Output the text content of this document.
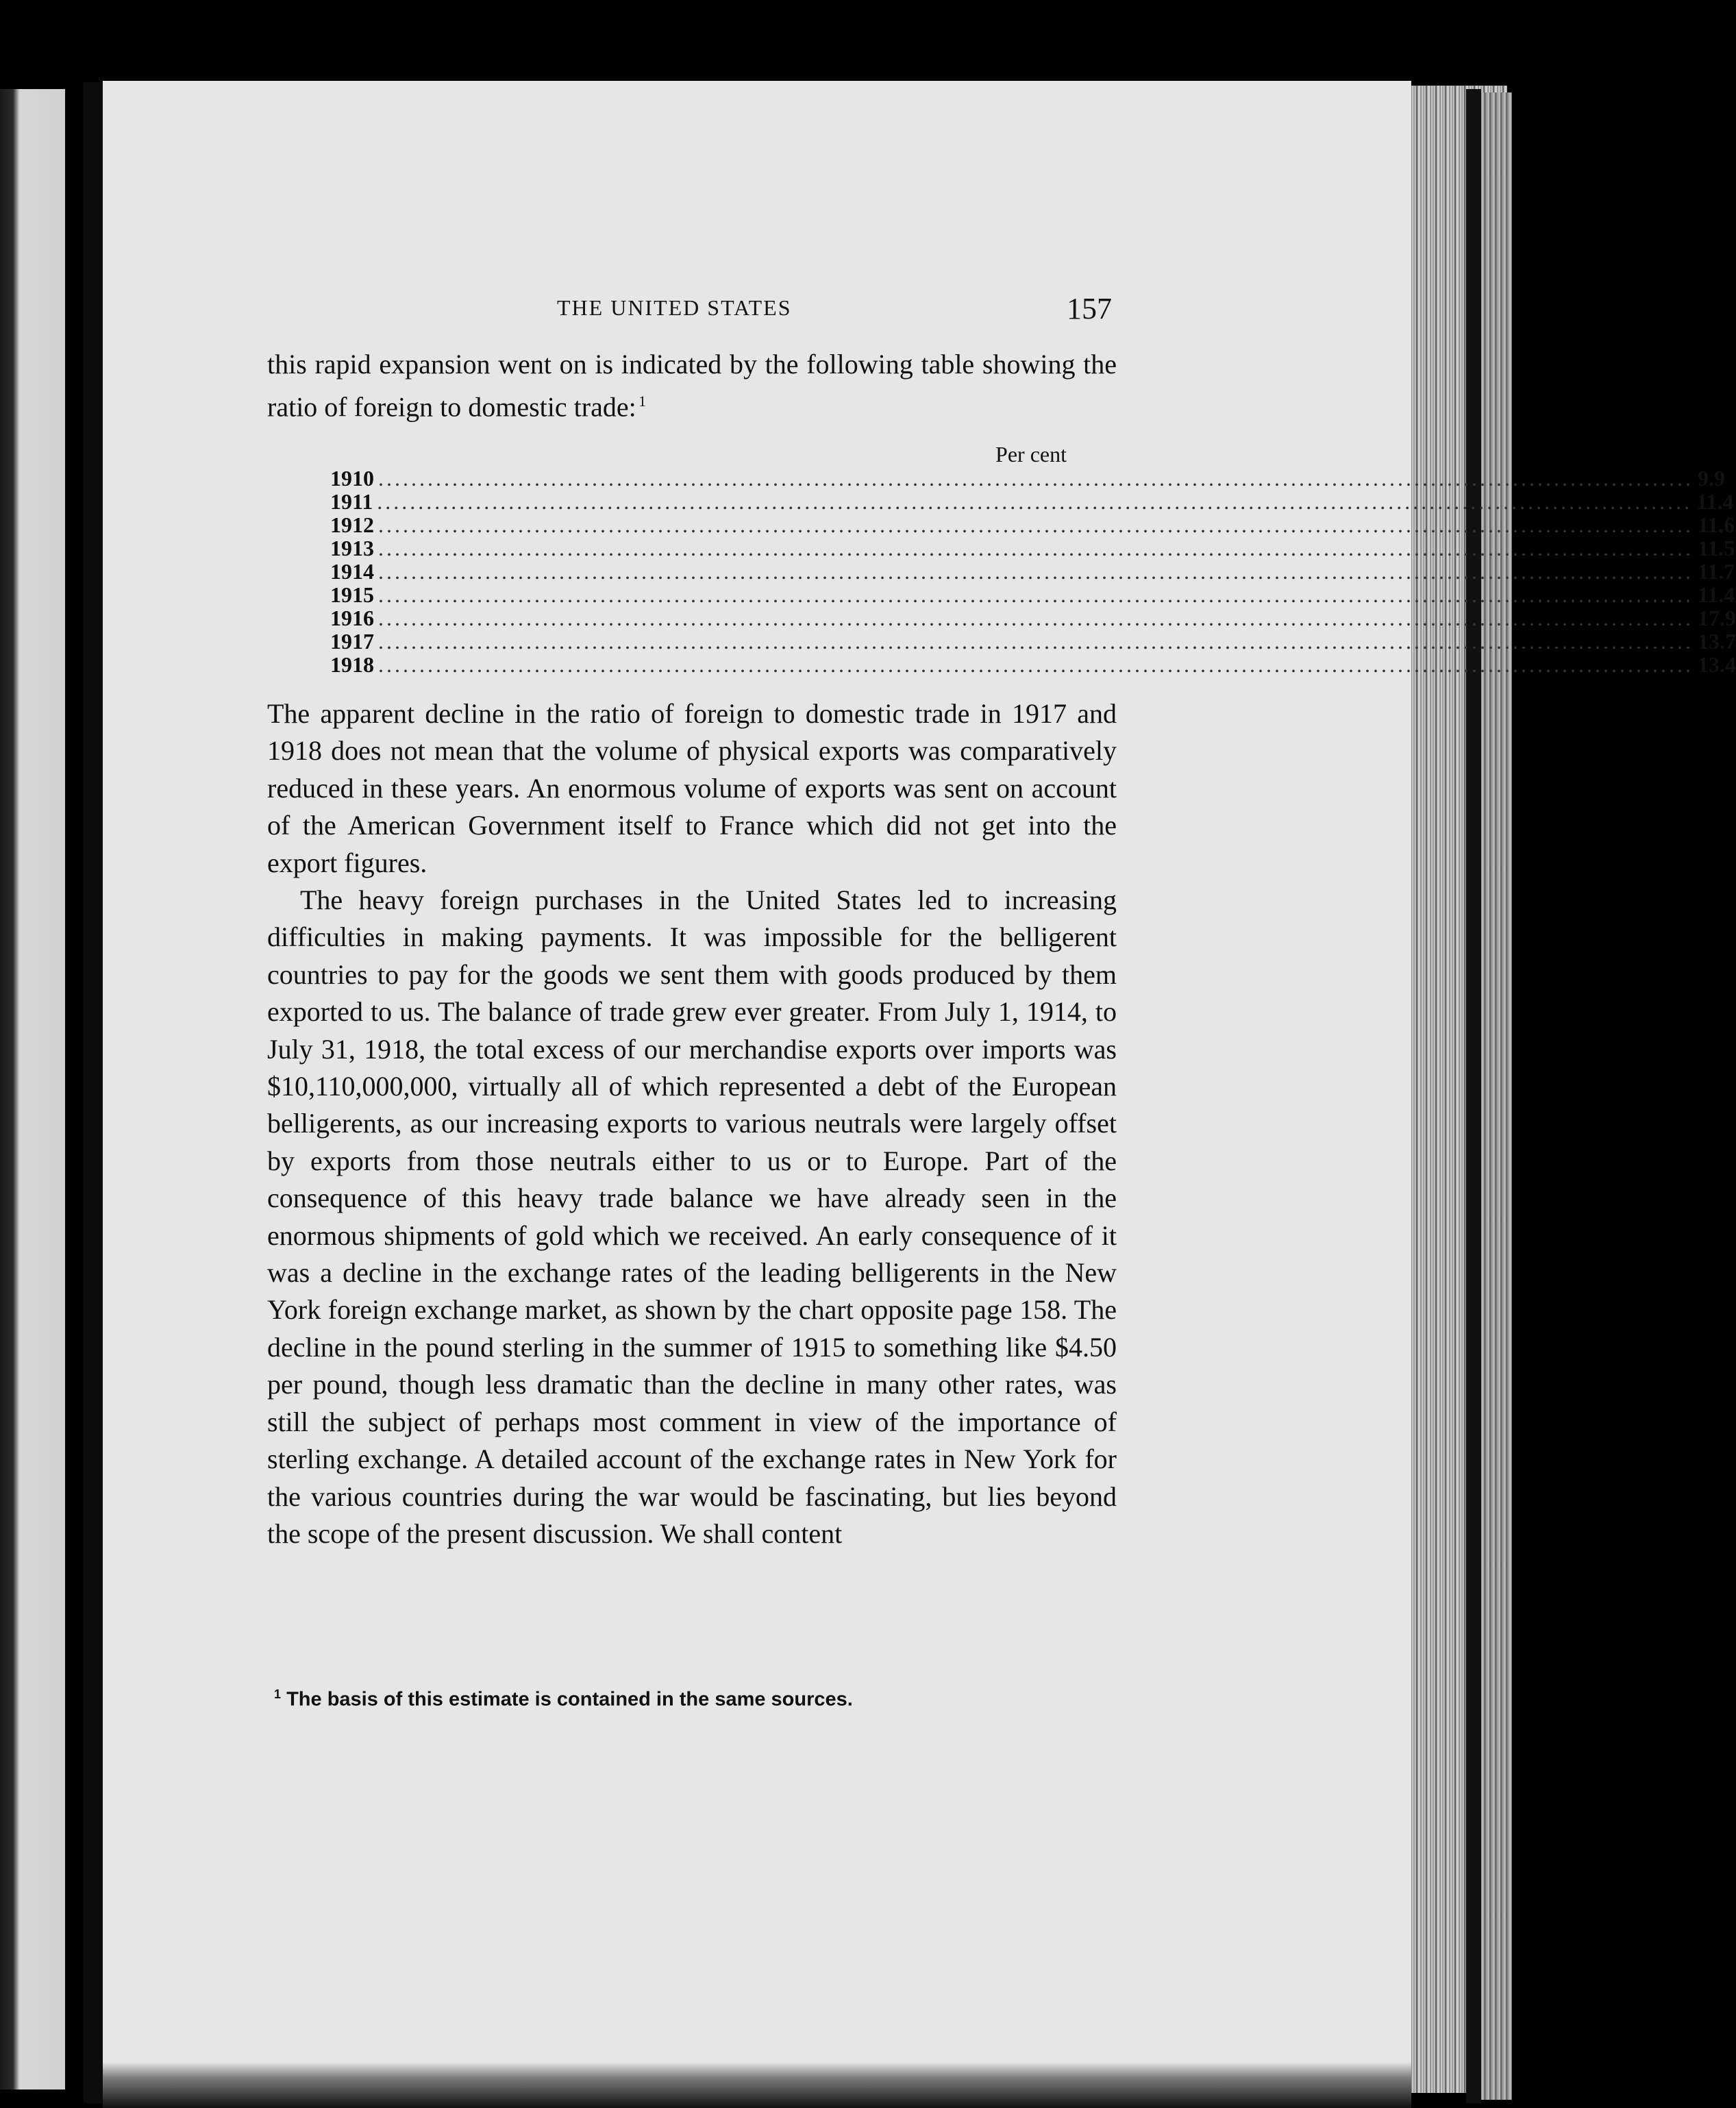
THE UNITED STATES	157

this rapid expansion went on is indicated by the following table showing the ratio of foreign to domestic trade:  $^1$

Per cent
1910 ................................................................................................................................................................ 9.9
1911 ................................................................................................................................................................ 11.4
1912 ................................................................................................................................................................ 11.6
1913 ................................................................................................................................................................ 11.5
1914 ................................................................................................................................................................ 11.7
1915 ................................................................................................................................................................ 11.4
1916 ................................................................................................................................................................ 17.9
1917 ................................................................................................................................................................ 13.7
1918 ................................................................................................................................................................ 13.4

The apparent decline in the ratio of foreign to domestic trade in 1917 and 1918 does not mean that the volume of physical exports was comparatively reduced in these years. An enormous volume of exports was sent on account of the American Government itself to France which did not get into the export figures.

The heavy foreign purchases in the United States led to increasing difficulties in making payments. It was impossible for the belligerent countries to pay for the goods we sent them with goods produced by them exported to us. The balance of trade grew ever greater. From July 1, 1914, to July 31, 1918, the total excess of our merchandise exports over imports was $10,110,000,000, virtually all of which represented a debt of the European belligerents, as our increasing exports to various neutrals were largely offset by exports from those neutrals either to us or to Europe. Part of the consequence of this heavy trade balance we have already seen in the enormous shipments of gold which we received. An early consequence of it was a decline in the exchange rates of the leading belligerents in the New York foreign exchange market, as shown by the chart opposite page 158. The decline in the pound sterling in the summer of 1915 to something like $4.50 per pound, though less dramatic than the decline in many other rates, was still the subject of perhaps most comment in view of the importance of sterling exchange. A detailed account of the exchange rates in New York for the various countries during the war would be fascinating, but lies beyond the scope of the present discussion. We shall content

$^1$ The basis of this estimate is contained in the same sources.
